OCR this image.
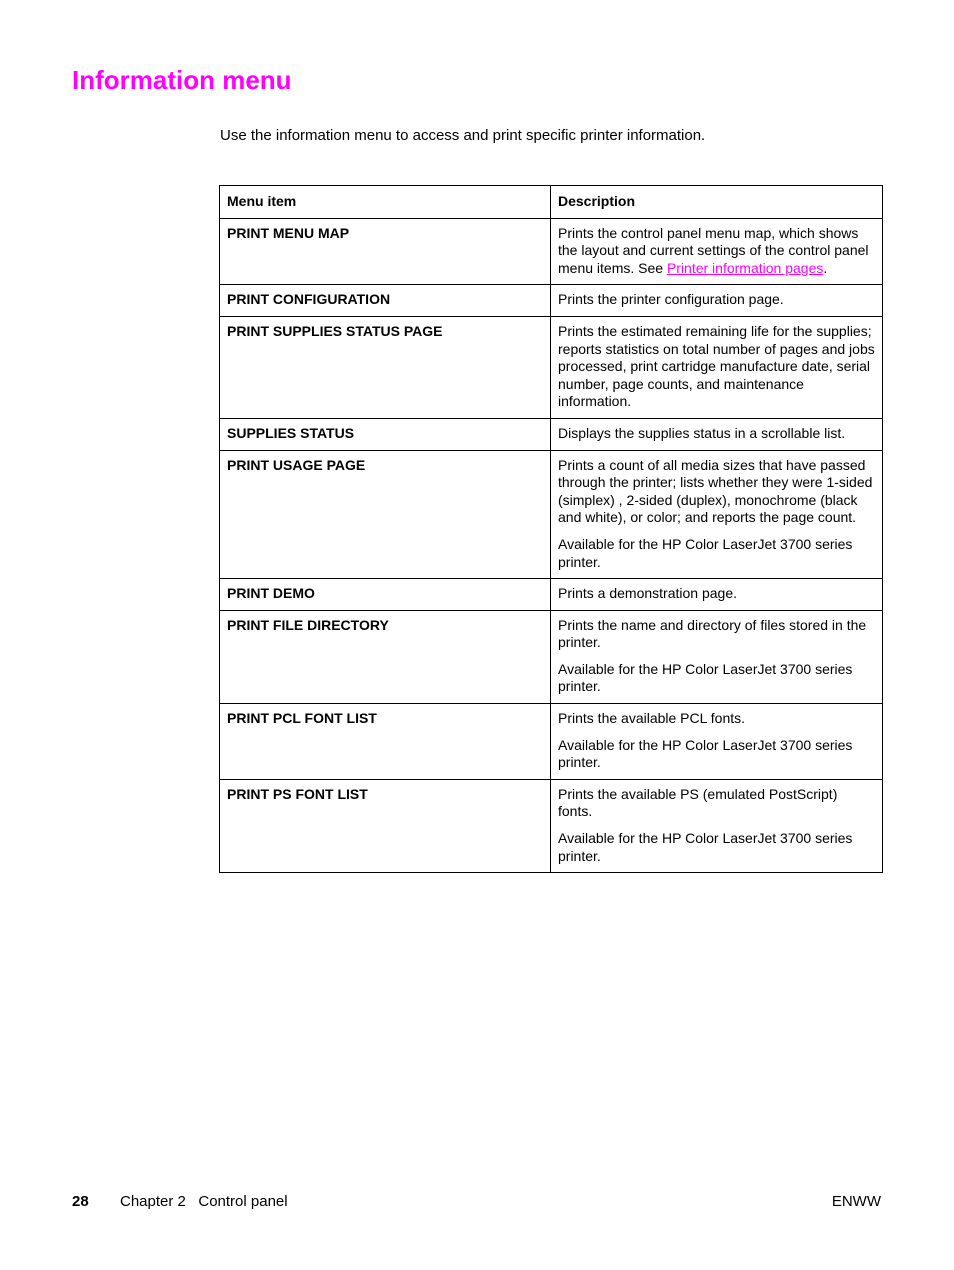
Information menu
Use the information menu to access and print specific printer information.
Menu item	Description
PRINT MENU MAP	Prints the control panel menu map, which shows the layout and current settings of the control panel menu items. See Printer information pages.

PRINT CONFIGURATION	Prints the printer configuration page.

PRINT SUPPLIES STATUS PAGE	Prints the estimated remaining life for the supplies; reports statistics on total number of pages and jobs processed, print cartridge manufacture date, serial number, page counts, and maintenance information.

SUPPLIES STATUS	Displays the supplies status in a scrollable list.

PRINT USAGE PAGE	Prints a count of all media sizes that have passed through the printer; lists whether they were 1-sided (simplex) , 2-sided (duplex), monochrome (black and white), or color; and reports the page count.

Available for the HP Color LaserJet 3700 series printer.

PRINT DEMO	Prints a demonstration page.

PRINT FILE DIRECTORY	Prints the name and directory of files stored in the printer.

Available for the HP Color LaserJet 3700 series printer.

PRINT PCL FONT LIST	Prints the available PCL fonts.

Available for the HP Color LaserJet 3700 series printer.

PRINT PS FONT LIST	Prints the available PS (emulated PostScript) fonts.

Available for the HP Color LaserJet 3700 series printer.

28 Chapter 2   Control panel	ENWW
